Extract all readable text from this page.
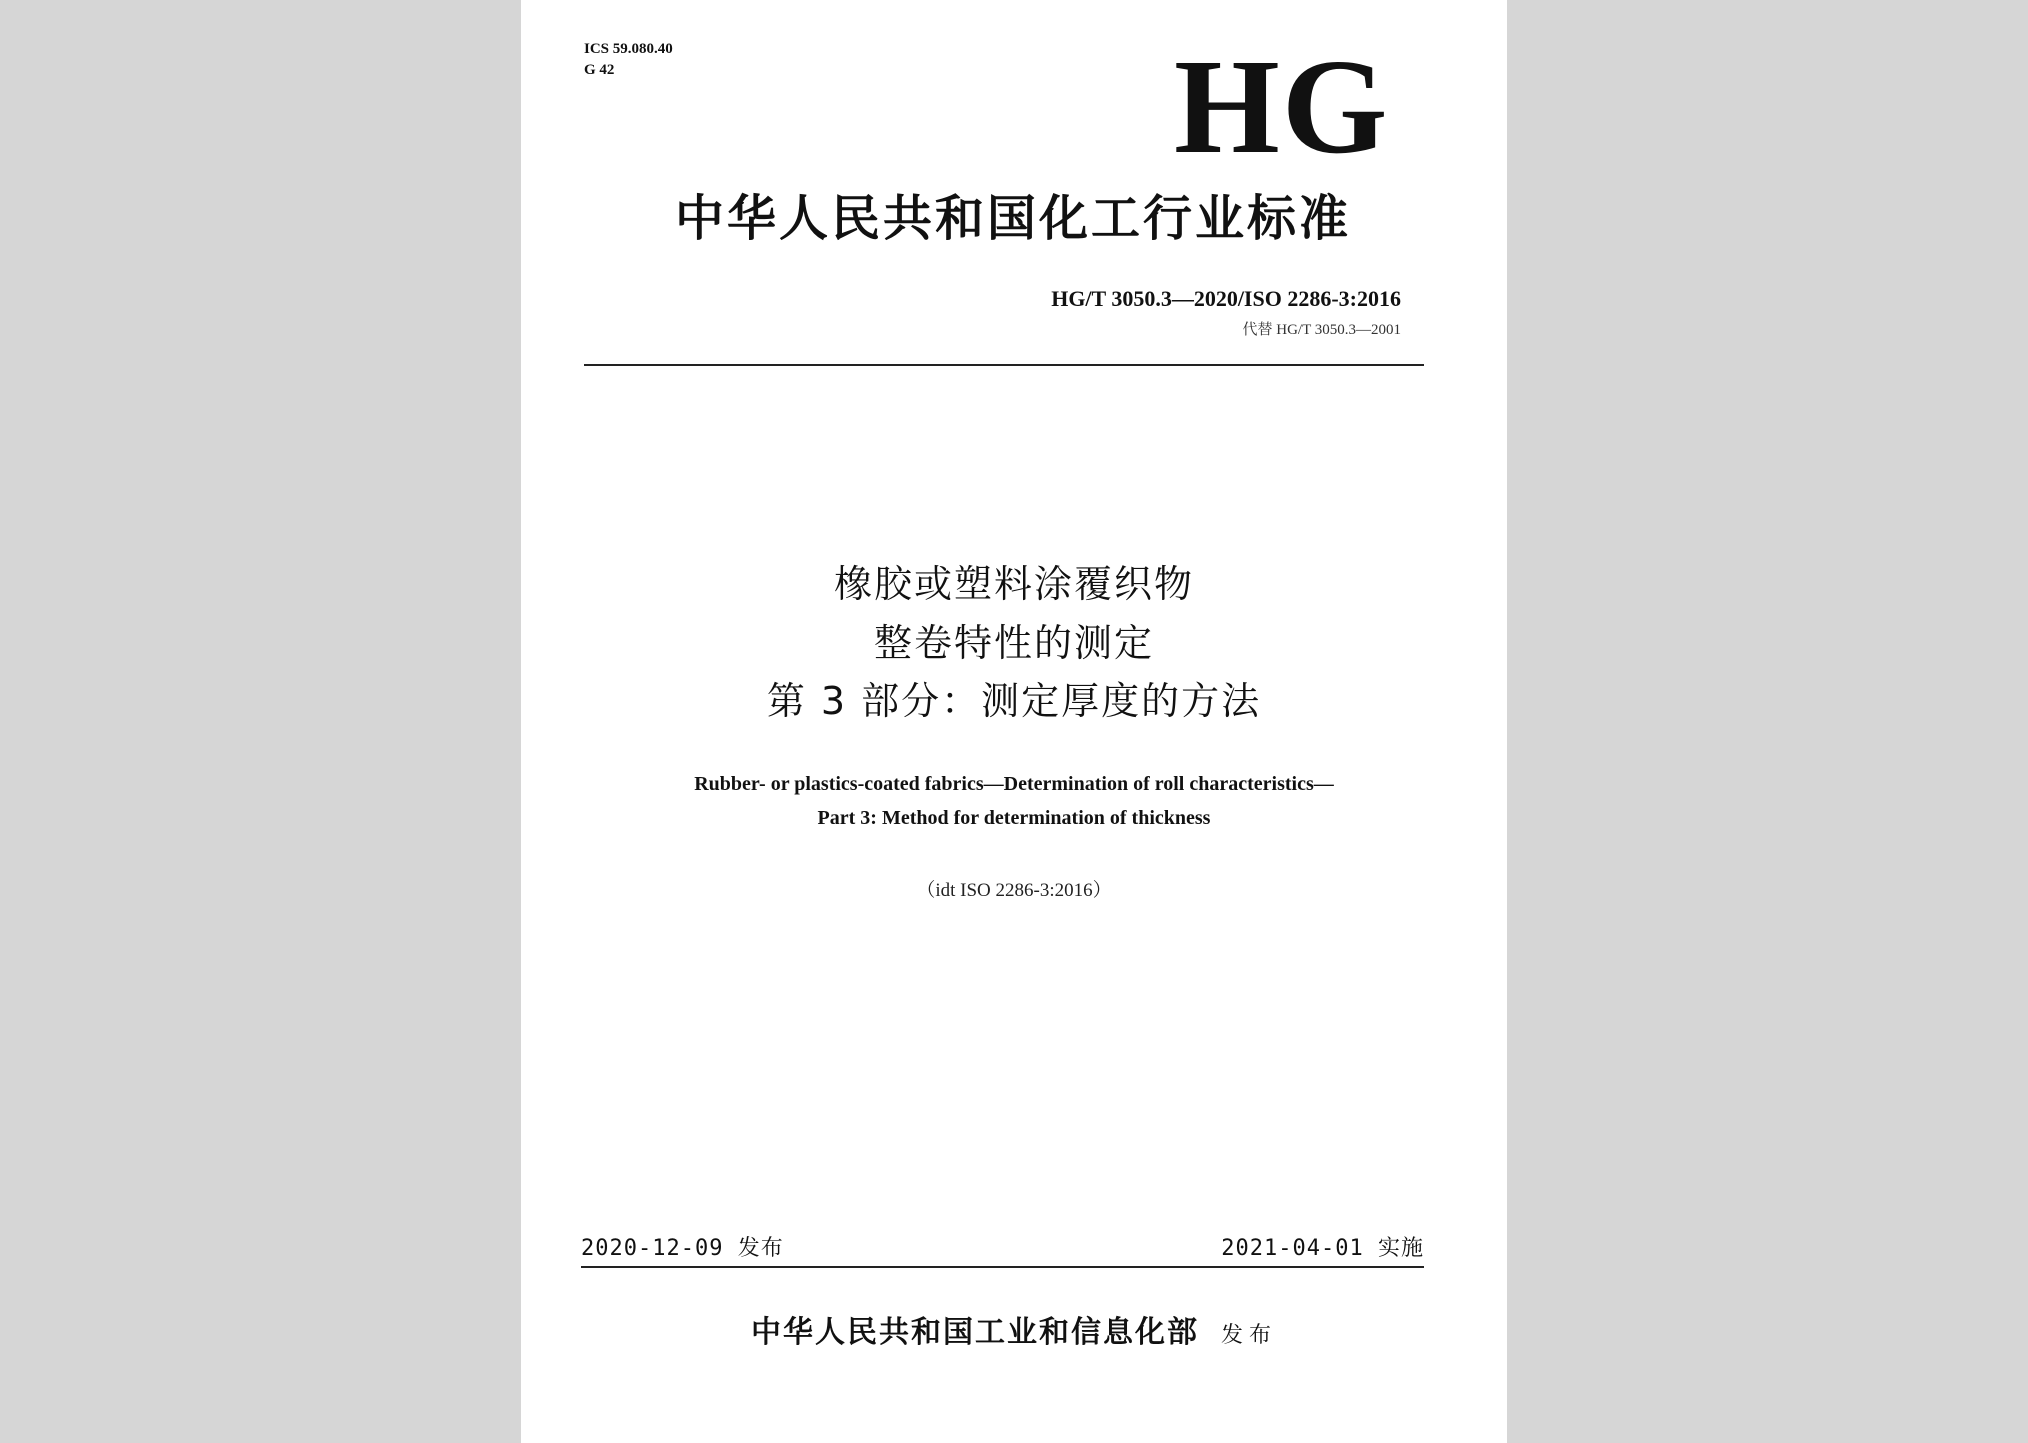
ICS 59.080.40
G 42	HG
中华人民共和国化工行业标准
HG/T 3050.3—2020/ISO 2286-3:2016
代替 HG/T 3050.3—2001
橡胶或塑料涂覆织物
整卷特性的测定
第 3 部分：测定厚度的方法
Rubber- or plastics-coated fabrics—Determination of roll characteristics—
Part 3: Method for determination of thickness
（idt ISO 2286-3:2016）
2020-12-09 发布	2021-04-01 实施
中华人民共和国工业和信息化部 发布
